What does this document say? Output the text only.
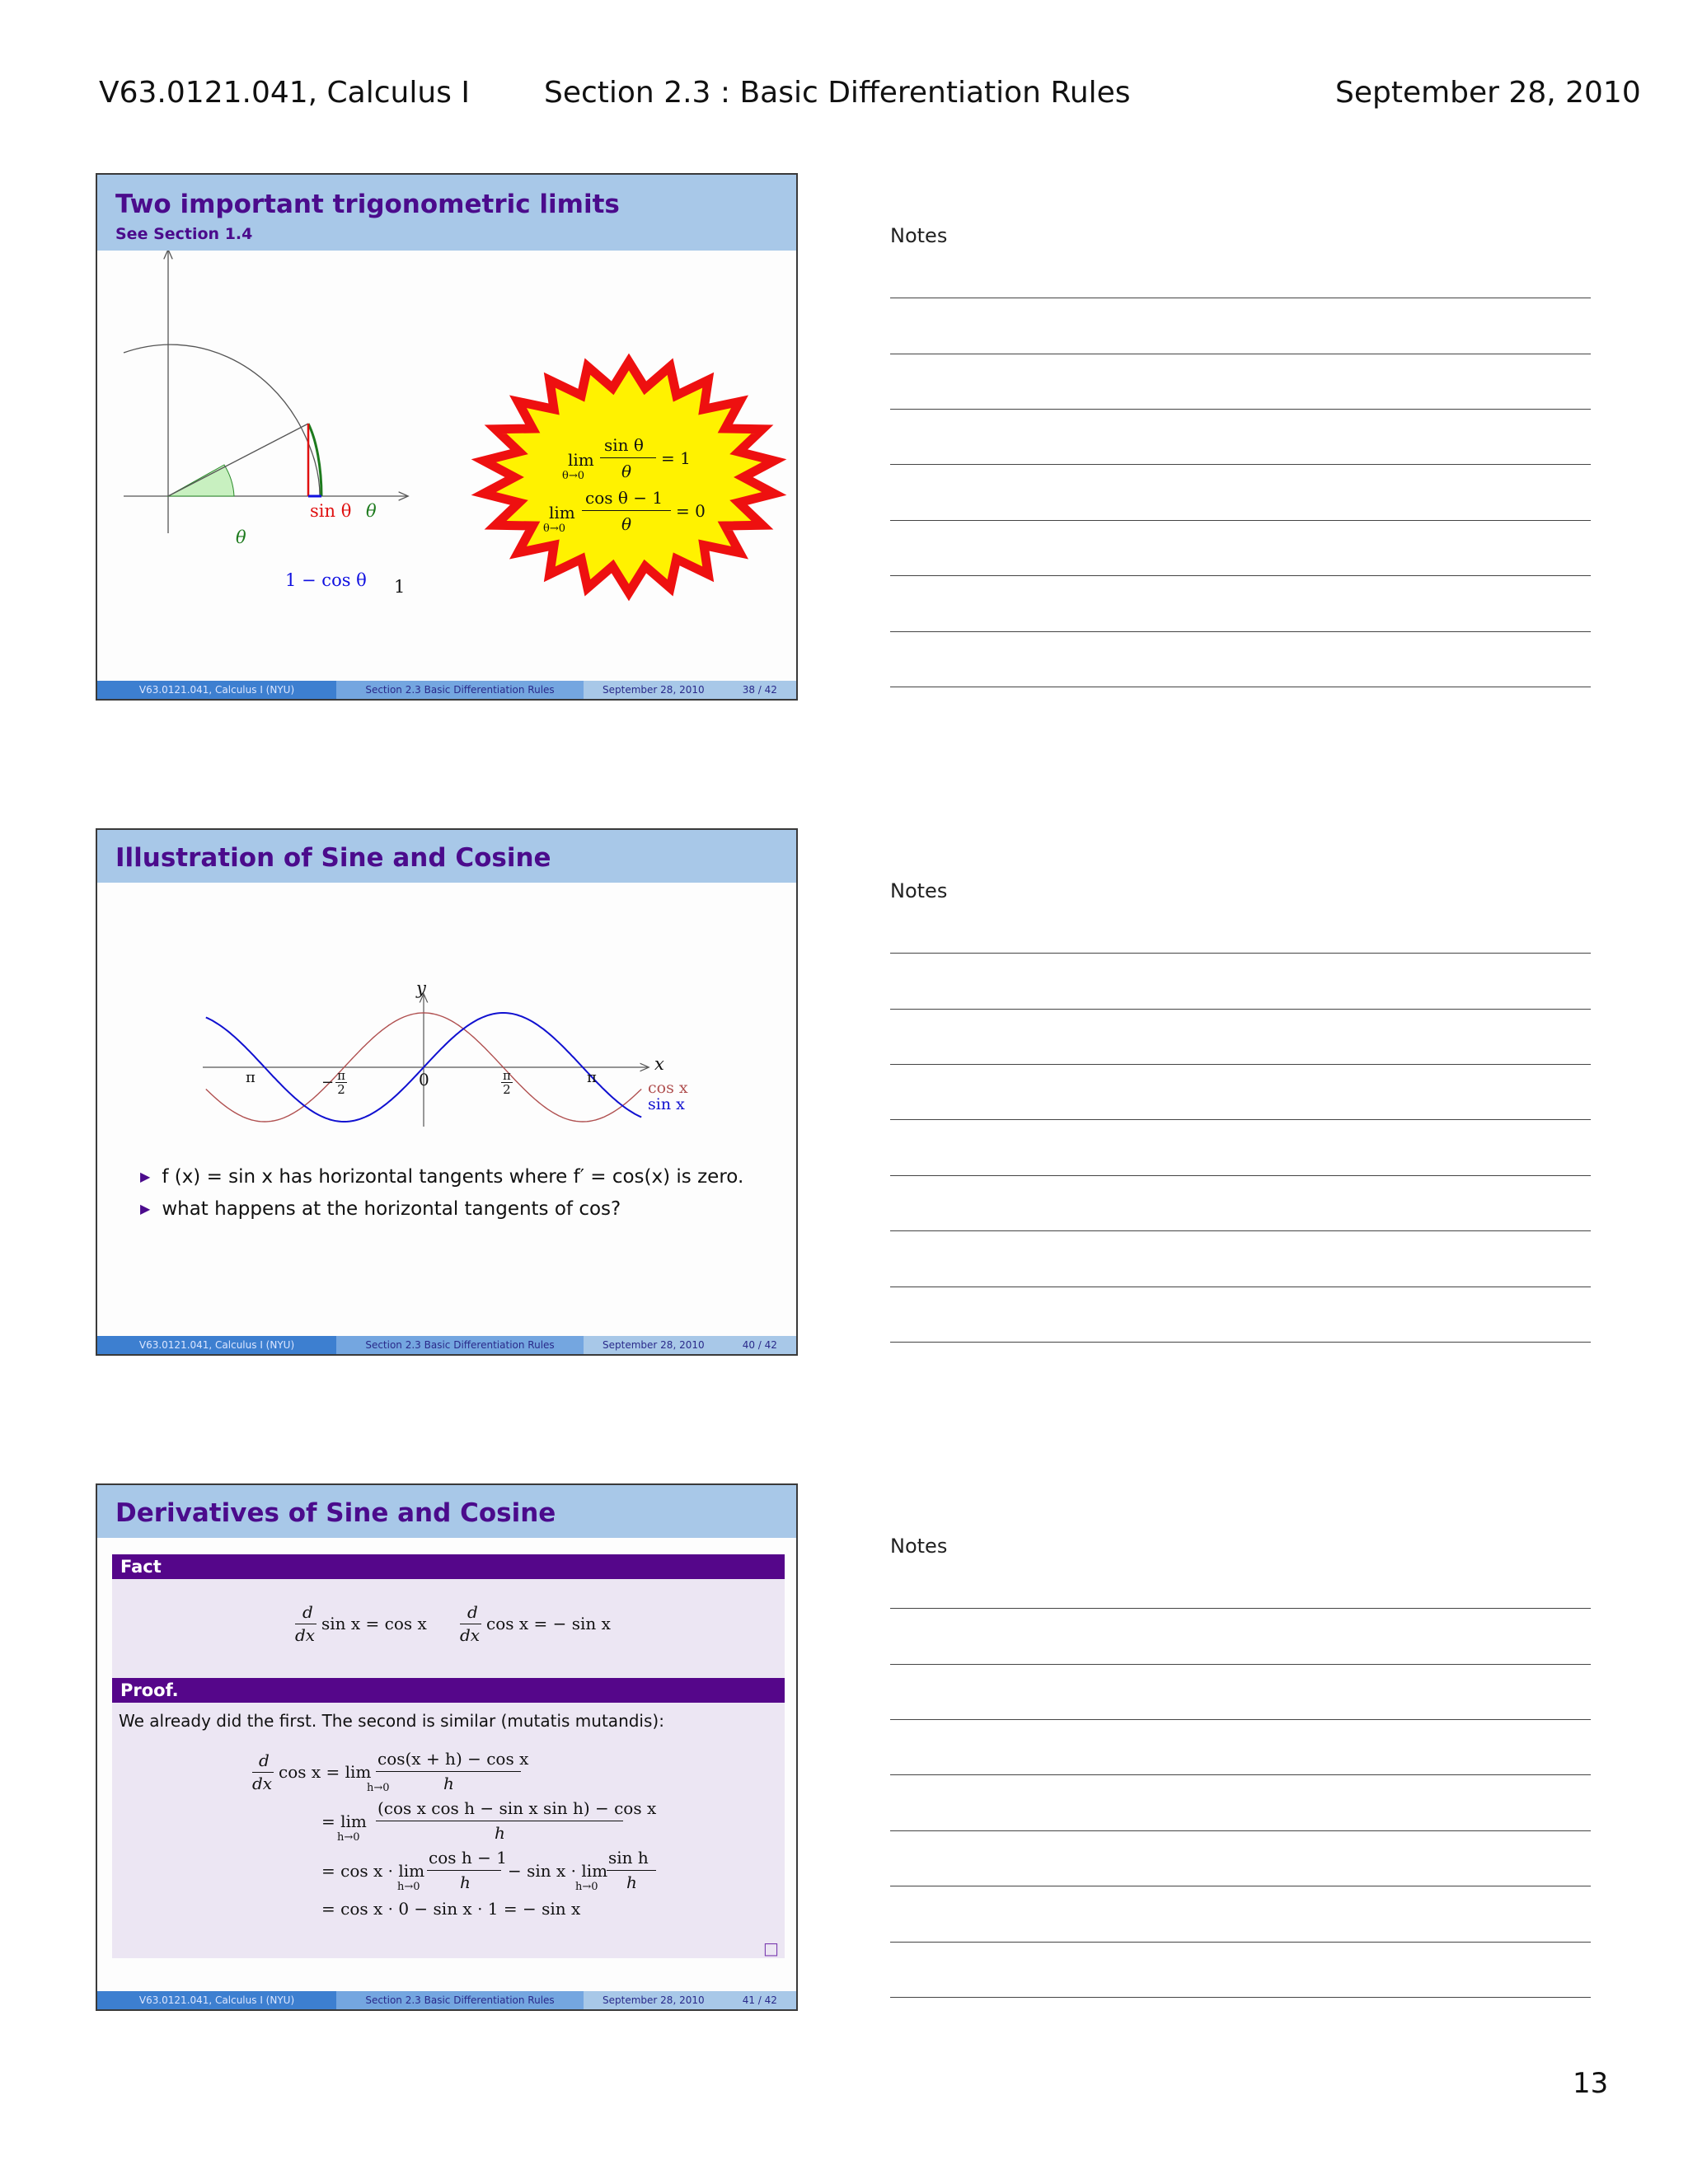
V63.0121.041, Calculus I	Section 2.3 : Basic Differentiation Rules	September 28, 2010
Two important trigonometric limits
See Section 1.4
sin θ θ
θ
1 − cos θ 1
lim
θ→0
sin θ
θ
= 1
lim
θ→0
cos θ − 1
θ
= 0
V63.0121.041, Calculus I (NYU)	Section 2.3 Basic Differentiation Rules	September 28, 2010	38 / 42
Notes
Illustration of Sine and Cosine
y
x
π	− $\frac{\pi}{2}$	0	π
2
π
cos x
sin x
▶ f (x) = sin x has horizontal tangents where f′ = cos(x) is zero.
▶ what happens at the horizontal tangents of cos?
V63.0121.041, Calculus I (NYU)	Section 2.3 Basic Differentiation Rules	September 28, 2010	40 / 42
Notes
Derivatives of Sine and Cosine
Fact
d
dx
sin x = cos x
d
dx
cos x = − sin x
Proof.
We already did the first. The second is similar (mutatis mutandis):
d
dx
cos x = lim
h→0
cos(x + h) − cos x
h
= lim
h→0
(cos x cos h − sin x sin h) − cos x
h
= cos x · lim
h→0
cos h − 1
h
− sin x · lim
h→0
sin h
h
= cos x · 0 − sin x · 1 = − sin x
□
V63.0121.041, Calculus I (NYU)	Section 2.3 Basic Differentiation Rules	September 28, 2010	41 / 42
Notes
13
